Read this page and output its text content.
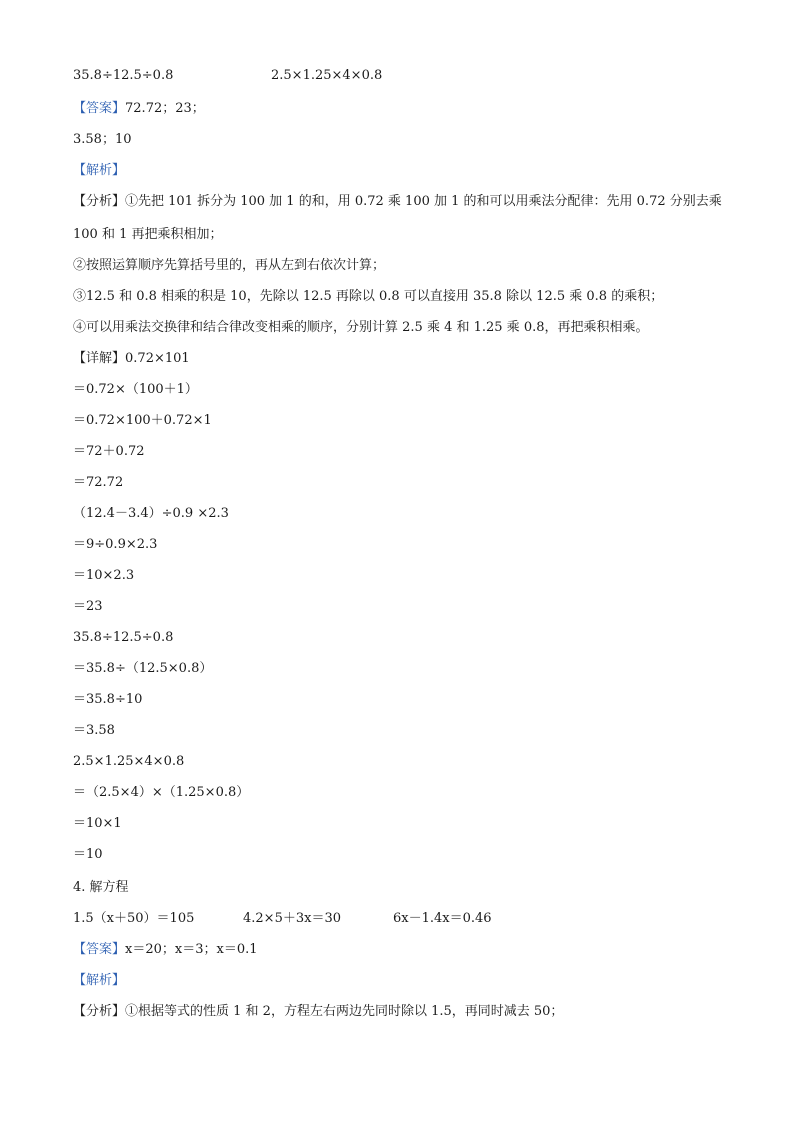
35.8÷12.5÷0.8	2.5×1.25×4×0.8
【答案】72.72；23；
3.58；10
【解析】
【分析】①先把 101 拆分为 100 加 1 的和，用 0.72 乘 100 加 1 的和可以用乘法分配律：先用 0.72 分别去乘
100 和 1 再把乘积相加；
②按照运算顺序先算括号里的，再从左到右依次计算；
③12.5 和 0.8 相乘的积是 10，先除以 12.5 再除以 0.8 可以直接用 35.8 除以 12.5 乘 0.8 的乘积；
④可以用乘法交换律和结合律改变相乘的顺序，分别计算 2.5 乘 4 和 1.25 乘 0.8，再把乘积相乘。
【详解】0.72×101
＝0.72×（100＋1）
＝0.72×100＋0.72×1
＝72＋0.72
＝72.72
（12.4－3.4）÷0.9 ×2.3
＝9÷0.9×2.3
＝10×2.3
＝23
35.8÷12.5÷0.8
＝35.8÷（12.5×0.8）
＝35.8÷10
＝3.58
2.5×1.25×4×0.8
＝（2.5×4）×（1.25×0.8）
＝10×1
＝10
4. 解方程
1.5（x＋50）＝105	4.2×5＋3x＝30	6x－1.4x＝0.46
【答案】x＝20；x＝3；x＝0.1
【解析】
【分析】①根据等式的性质 1 和 2，方程左右两边先同时除以 1.5，再同时减去 50；
